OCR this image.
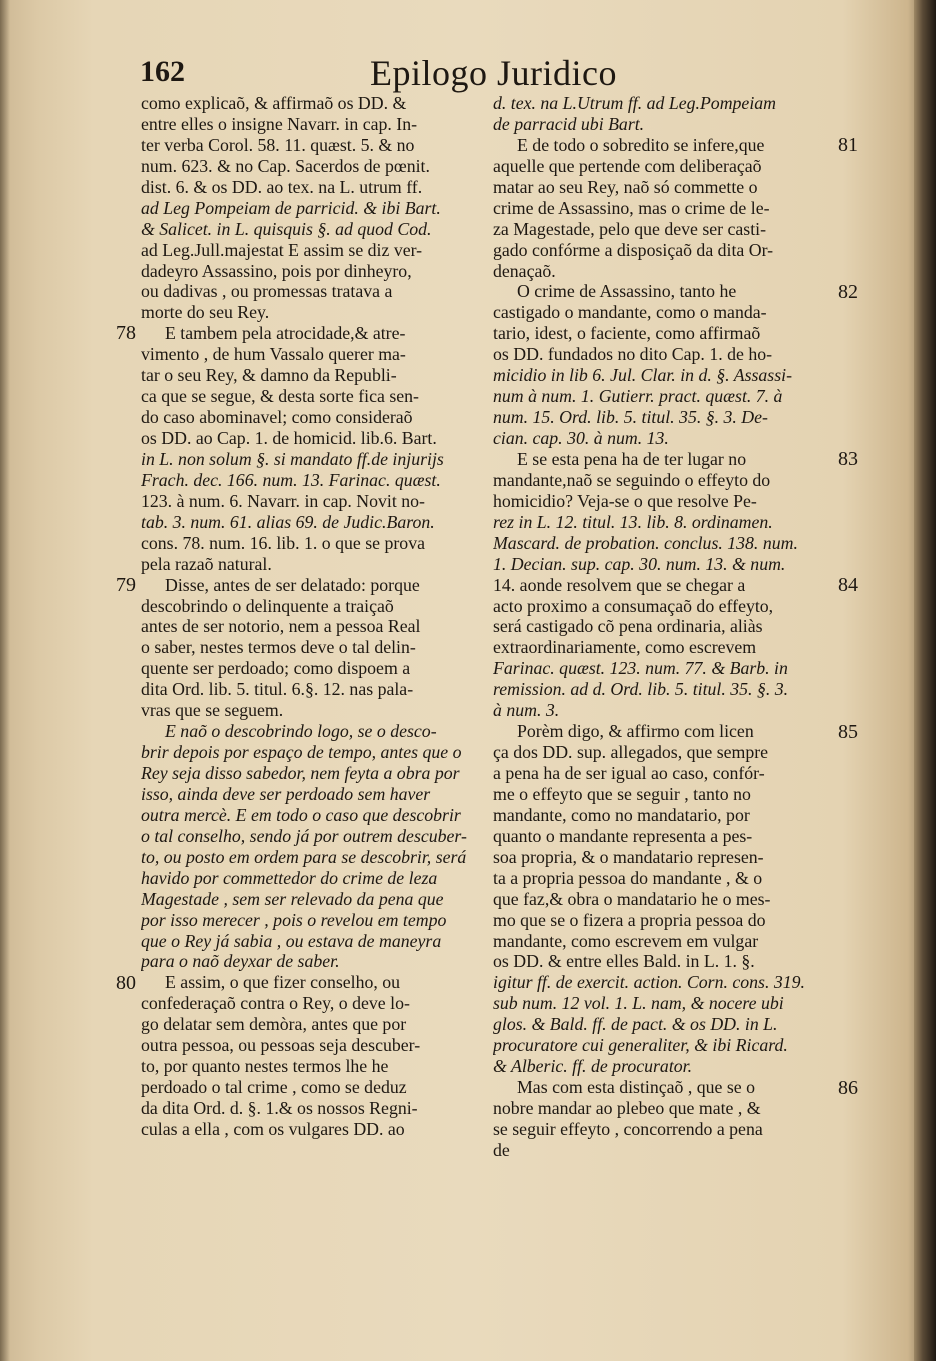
162	Epilogo Juridico
como explicaõ, & affirmaõ os DD. &
entre elles o insigne Navarr. in cap. In-
ter verba Corol. 58. 11. quæst. 5. & no
num. 623. & no Cap. Sacerdos de pœnit.
dist. 6. & os DD. ao tex. na L. utrum ff.
ad Leg Pompeiam de parricid. & ibi Bart.
& Salicet. in L. quisquis §. ad quod Cod.
ad Leg.Jull.majestat E assim se diz ver-
dadeyro Assassino, pois por dinheyro,
ou dadivas , ou promessas tratava a
morte do seu Rey.
E tambem pela atrocidade,& atre-
vimento , de hum Vassalo querer ma-
tar o seu Rey, & damno da Republi-
ca que se segue, & desta sorte fica sen-
do caso abominavel; como consideraõ
os DD. ao Cap. 1. de homicid. lib.6. Bart.
in L. non solum §. si mandato ff.de injurijs
Frach. dec. 166. num. 13. Farinac. quæst.
123. à num. 6. Navarr. in cap. Novit no-
tab. 3. num. 61. alias 69. de Judic.Baron.
cons. 78. num. 16. lib. 1. o que se prova
pela razaõ natural.
Disse, antes de ser delatado: porque
descobrindo o delinquente a traiçaõ
antes de ser notorio, nem a pessoa Real
o saber, nestes termos deve o tal delin-
quente ser perdoado; como dispoem a
dita Ord. lib. 5. titul. 6.§. 12. nas pala-
vras que se seguem.
E naõ o descobrindo logo, se o desco-
brir depois por espaço de tempo, antes que o
Rey seja disso sabedor, nem feyta a obra por
isso, ainda deve ser perdoado sem haver
outra mercè. E em todo o caso que descobrir
o tal conselho, sendo já por outrem descuber-
to, ou posto em ordem para se descobrir, será
havido por commettedor do crime de leza
Magestade , sem ser relevado da pena que
por isso merecer , pois o revelou em tempo
que o Rey já sabia , ou estava de maneyra
para o naõ deyxar de saber.
E assim, o que fizer conselho, ou
confederaçaõ contra o Rey, o deve lo-
go delatar sem demòra, antes que por
outra pessoa, ou pessoas seja descuber-
to, por quanto nestes termos lhe he
perdoado o tal crime , como se deduz
da dita Ord. d. §. 1.& os nossos Regni-
culas a ella , com os vulgares DD. ao
d. tex. na L.Utrum ff. ad Leg.Pompeiam
de parracid ubi Bart.
E de todo o sobredito se infere,que
aquelle que pertende com deliberaçaõ
matar ao seu Rey, naõ só commette o
crime de Assassino, mas o crime de le-
za Magestade, pelo que deve ser casti-
gado confórme a disposiçaõ da dita Or-
denaçaõ.
O crime de Assassino, tanto he
castigado o mandante, como o manda-
tario, idest, o faciente, como affirmaõ
os DD. fundados no dito Cap. 1. de ho-
micidio in lib 6. Jul. Clar. in d. §. Assassi-
num à num. 1. Gutierr. pract. quæst. 7. à
num. 15. Ord. lib. 5. titul. 35. §. 3. De-
cian. cap. 30. à num. 13.
E se esta pena ha de ter lugar no
mandante,naõ se seguindo o effeyto do
homicidio? Veja-se o que resolve Pe-
rez in L. 12. titul. 13. lib. 8. ordinamen.
Mascard. de probation. conclus. 138. num.
1. Decian. sup. cap. 30. num. 13. & num.
14. aonde resolvem que se chegar a
acto proximo a consumaçaõ do effeyto,
será castigado cõ pena ordinaria, aliàs
extraordinariamente, como escrevem
Farinac. quæst. 123. num. 77. & Barb. in
remission. ad d. Ord. lib. 5. titul. 35. §. 3.
à num. 3.
Porèm digo, & affirmo com licen
ça dos DD. sup. allegados, que sempre
a pena ha de ser igual ao caso, confór-
me o effeyto que se seguir , tanto no
mandante, como no mandatario, por
quanto o mandante representa a pes-
soa propria, & o mandatario represen-
ta a propria pessoa do mandante , & o
que faz,& obra o mandatario he o mes-
mo que se o fizera a propria pessoa do
mandante, como escrevem em vulgar
os DD. & entre elles Bald. in L. 1. §.
igitur ff. de exercit. action. Corn. cons. 319.
sub num. 12 vol. 1. L. nam, & nocere ubi
glos. & Bald. ff. de pact. & os DD. in L.
procuratore cui generaliter, & ibi Ricard.
& Alberic. ff. de procurator.
Mas com esta distinçaõ , que se o
nobre mandar ao plebeo que mate , &
se seguir effeyto , concorrendo a pena
de
78
79
80
81
82
83
84
85
86
